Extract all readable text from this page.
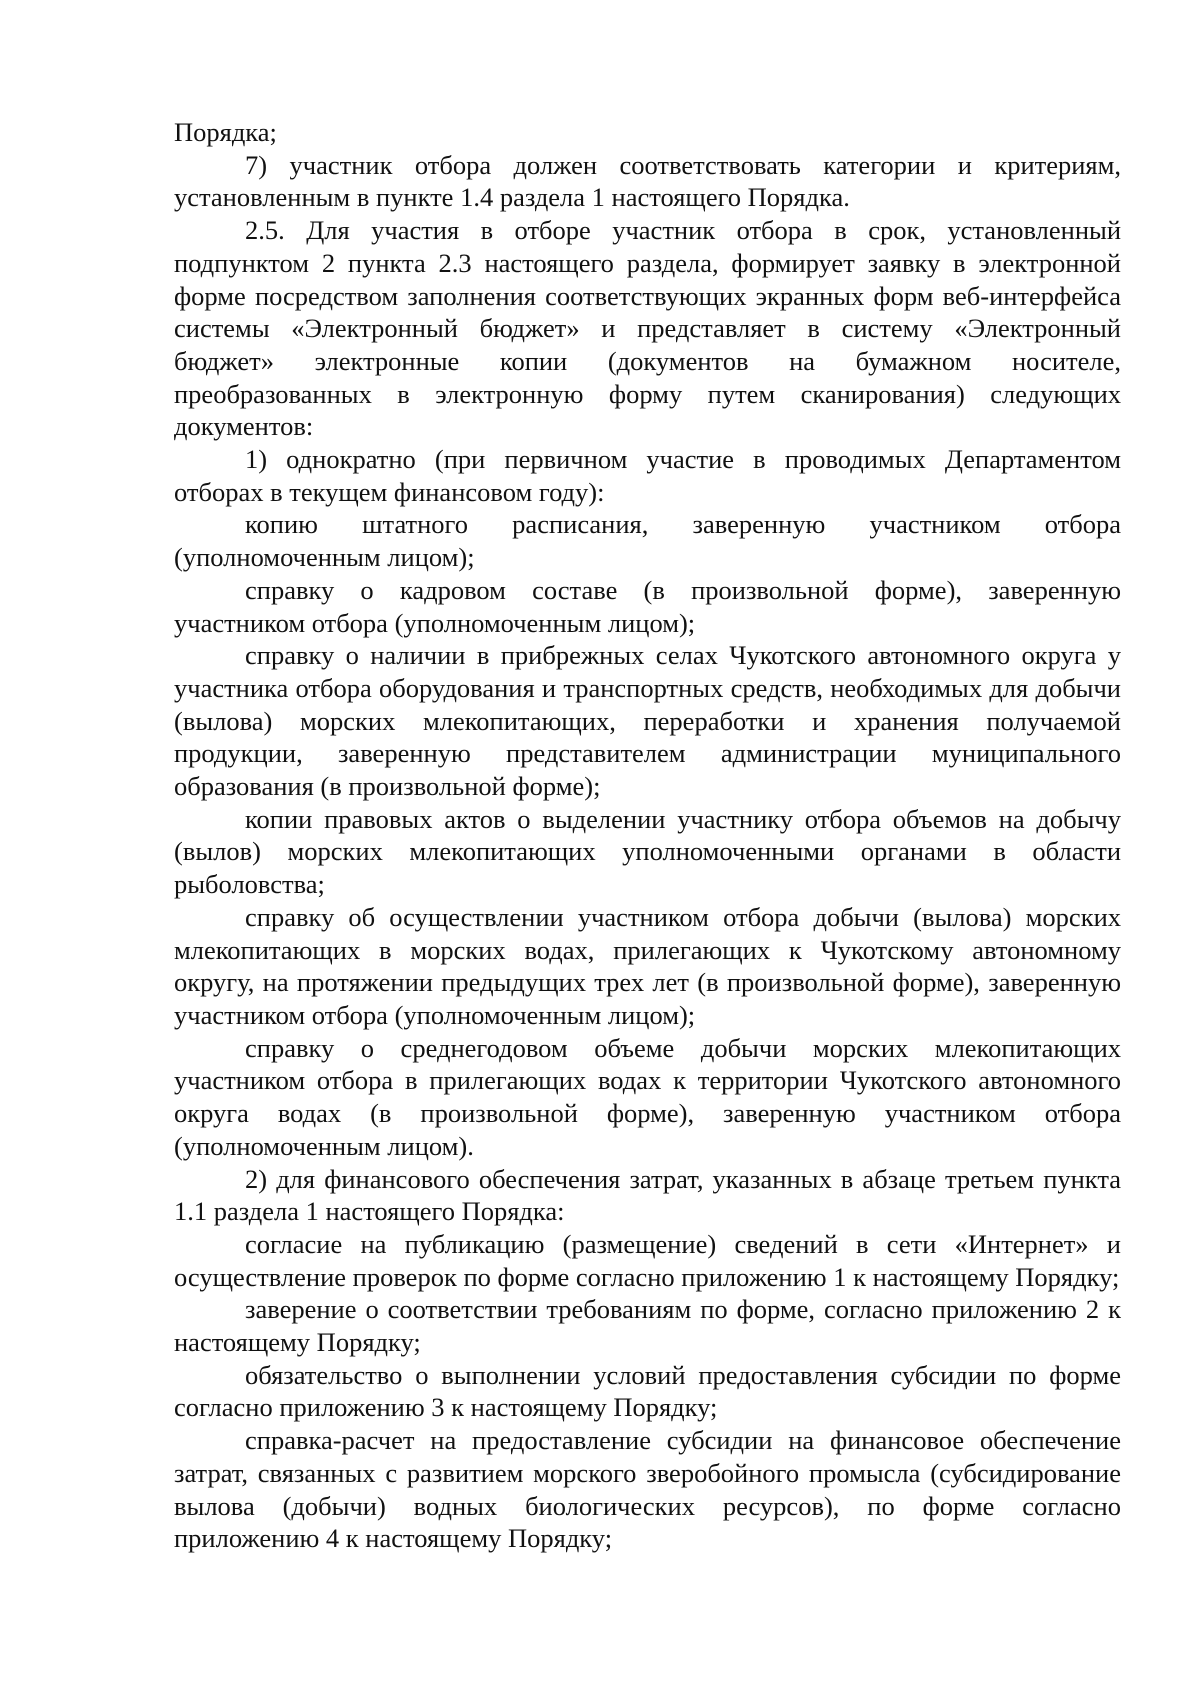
Порядка;

7) участник отбора должен соответствовать категории и критериям, установленным в пункте 1.4 раздела 1 настоящего Порядка.

2.5. Для участия в отборе участник отбора в срок, установленный подпунктом 2 пункта 2.3 настоящего раздела, формирует заявку в электронной форме посредством заполнения соответствующих экранных форм веб-интерфейса системы «Электронный бюджет» и представляет в систему «Электронный бюджет» электронные копии (документов на бумажном носителе, преобразованных в электронную форму путем сканирования) следующих документов:

1) однократно (при первичном участие в проводимых Департаментом отборах в текущем финансовом году):

копию штатного расписания, заверенную участником отбора (уполномоченным лицом);

справку о кадровом составе (в произвольной форме), заверенную участником отбора (уполномоченным лицом);

справку о наличии в прибрежных селах Чукотского автономного округа у участника отбора оборудования и транспортных средств, необходимых для добычи (вылова) морских млекопитающих, переработки и хранения получаемой продукции, заверенную представителем администрации муниципального образования (в произвольной форме);

копии правовых актов о выделении участнику отбора объемов на добычу (вылов) морских млекопитающих уполномоченными органами в области рыболовства;

справку об осуществлении участником отбора добычи (вылова) морских млекопитающих в морских водах, прилегающих к Чукотскому автономному округу, на протяжении предыдущих трех лет (в произвольной форме), заверенную участником отбора (уполномоченным лицом);

справку о среднегодовом объеме добычи морских млекопитающих участником отбора в прилегающих водах к территории Чукотского автономного округа водах (в произвольной форме), заверенную участником отбора (уполномоченным лицом).

2) для финансового обеспечения затрат, указанных в абзаце третьем пункта 1.1 раздела 1 настоящего Порядка:

согласие на публикацию (размещение) сведений в сети «Интернет» и осуществление проверок по форме согласно приложению 1 к настоящему Порядку;

заверение о соответствии требованиям по форме, согласно приложению 2 к настоящему Порядку;

обязательство о выполнении условий предоставления субсидии по форме согласно приложению 3 к настоящему Порядку;

справка-расчет на предоставление субсидии на финансовое обеспечение затрат, связанных с развитием морского зверобойного промысла (субсидирование вылова (добычи) водных биологических ресурсов), по форме согласно приложению 4 к настоящему Порядку;
